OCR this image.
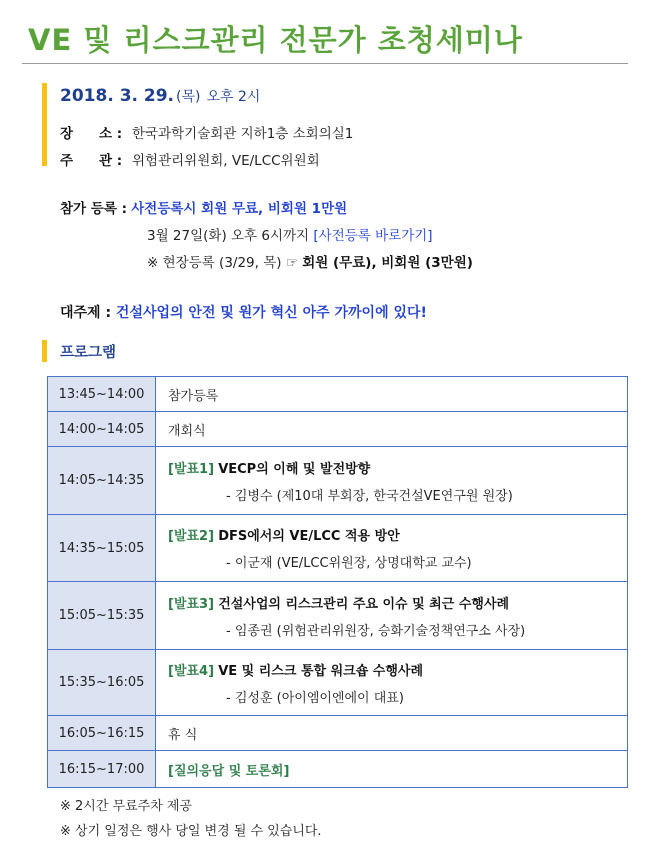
VE 및 리스크관리 전문가 초청세미나
2018. 3. 29. (목) 오후 2시
장 소 : 한국과학기술회관 지하1층 소회의실1
주 관 : 위험관리위원회, VE/LCC위원회
참가 등록 : 사전등록시 회원 무료, 비회원 1만원
3월 27일(화) 오후 6시까지 [사전등록 바로가기]
※ 현장등록 (3/29, 목) ☞ 회원 (무료), 비회원 (3만원)
대주제 : 건설사업의 안전 및 원가 혁신 아주 가까이에 있다!
프로그램
13:45~14:00	참가등록
14:00~14:05	개회식
14:05~14:35	[발표1] VECP의 이해 및 발전방향
- 김병수 (제10대 부회장, 한국건설VE연구원 원장)

14:35~15:05	[발표2] DFS에서의 VE/LCC 적용 방안
- 이군재 (VE/LCC위원장, 상명대학교 교수)

15:05~15:35	[발표3] 건설사업의 리스크관리 주요 이슈 및 최근 수행사례
- 임종권 (위험관리위원장, 승화기술정책연구소 사장)

15:35~16:05	[발표4] VE 및 리스크 통합 워크숍 수행사례
- 김성훈 (아이엠이엔에이 대표)

16:05~16:15	휴 식
16:15~17:00	[질의응답 및 토론회]
※ 2시간 무료주차 제공
※ 상기 일정은 행사 당일 변경 될 수 있습니다.
